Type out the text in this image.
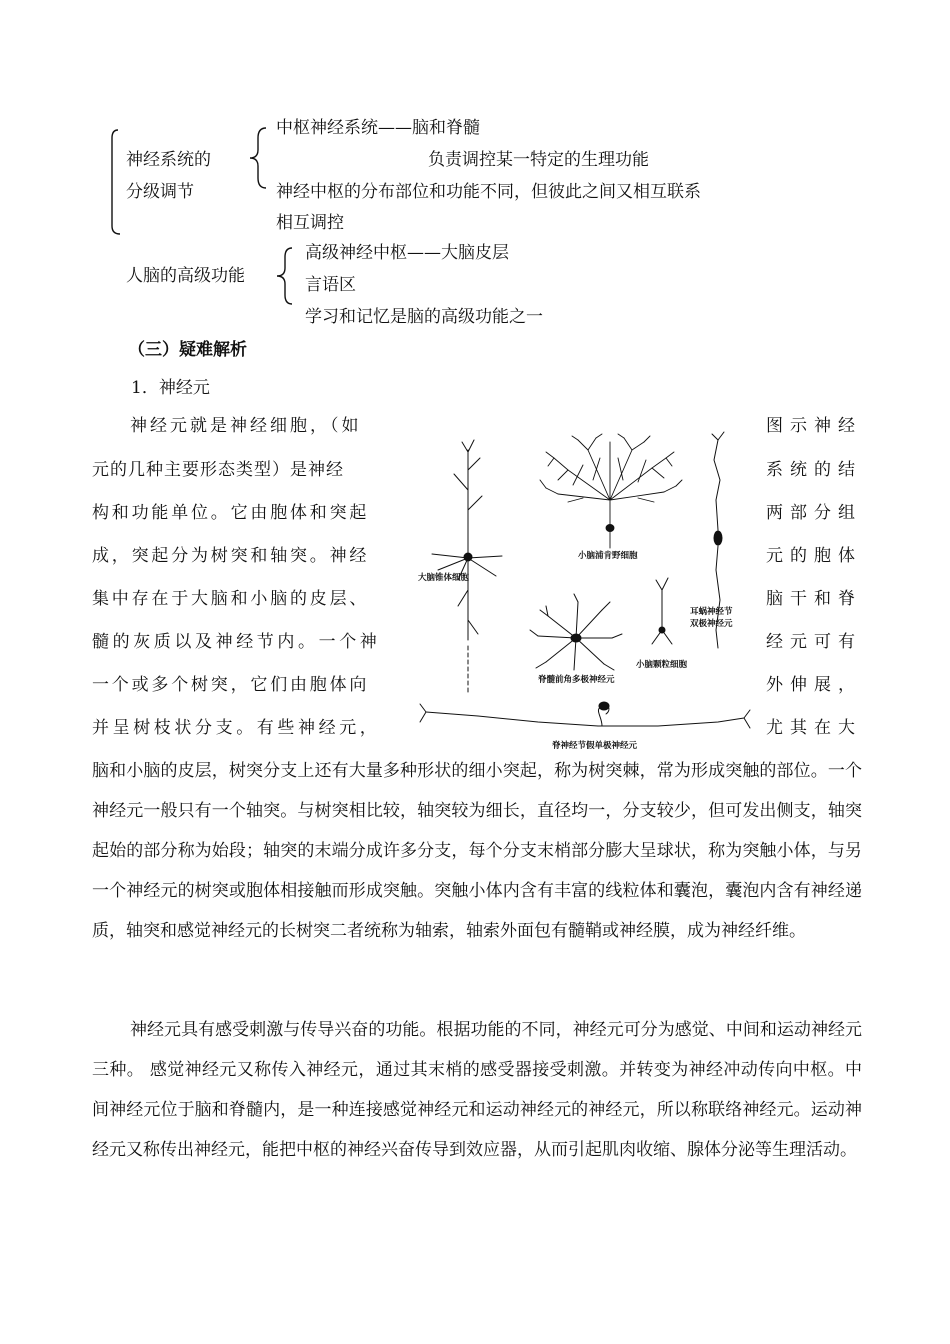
神经系统的
分级调节
中枢神经系统——脑和脊髓
负责调控某一特定的生理功能
神经中枢的分布部位和功能不同，但彼此之间又相互联系
相互调控
人脑的高级功能
高级神经中枢——大脑皮层
言语区
学习和记忆是脑的高级功能之一
（三）疑难解析
1．神经元
神经元就是神经细胞，（如
元的几种主要形态类型）是神经
构和功能单位。它由胞体和突起
成，突起分为树突和轴突。神经
集中存在于大脑和小脑的皮层、
髓的灰质以及神经节内。一个神
一个或多个树突，它们由胞体向
并呈树枝状分支。有些神经元，
图示神经
系统的结
两部分组
元的胞体
脑干和脊
经元可有
外伸展，
尤其在大
小脑浦肯野细胞
大脑锥体细胞
耳蜗神经节
双极神经元
小脑颗粒细胞
脊髓前角多极神经元
脊神经节假单极神经元
脑和小脑的皮层，树突分支上还有大量多种形状的细小突起，称为树突棘，常为形成突触的部位。一个神经元一般只有一个轴突。与树突相比较，轴突较为细长，直径均一，分支较少，但可发出侧支，轴突起始的部分称为始段；轴突的末端分成许多分支，每个分支末梢部分膨大呈球状，称为突触小体，与另一个神经元的树突或胞体相接触而形成突触。突触小体内含有丰富的线粒体和囊泡，囊泡内含有神经递质，轴突和感觉神经元的长树突二者统称为轴索，轴索外面包有髓鞘或神经膜，成为神经纤维。
神经元具有感受刺激与传导兴奋的功能。根据功能的不同，神经元可分为感觉、中间和运动神经元三种。 感觉神经元又称传入神经元，通过其末梢的感受器接受刺激。并转变为神经冲动传向中枢。中间神经元位于脑和脊髓内，是一种连接感觉神经元和运动神经元的神经元，所以称联络神经元。运动神经元又称传出神经元，能把中枢的神经兴奋传导到效应器，从而引起肌肉收缩、腺体分泌等生理活动。
